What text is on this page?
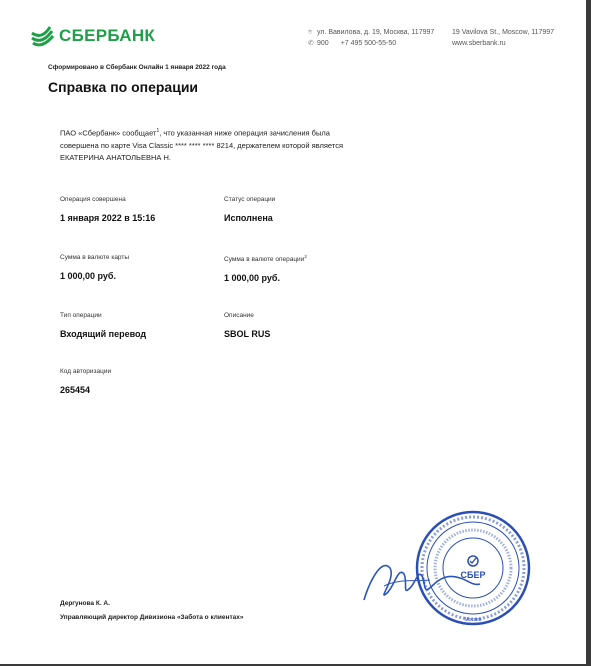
СБЕРБАНК	⌾ ул. Вавилова, д. 19, Москва, 117997
✆ 900 +7 495 500-55-50
19 Vavilova St., Moscow, 117997
www.sberbank.ru
Сформировано в Сбербанк Онлайн 1 января 2022 года
Справка по операции
ПАО «Сбербанк» сообщает$^1$, что указанная ниже операция зачисления была
совершена по карте Visa Classic **** **** **** 8214, держателем которой является
ЕКАТЕРИНА АНАТОЛЬЕВНА Н.
Операция совершена
1 января 2022 в 15:16
Статус операции
Исполнена
Сумма в валюте карты
1 000,00 руб.
Сумма в валюте операции$^2$
1 000,00 руб.
Тип операции
Входящий перевод
Описание
SBOL RUS
Код авторизации
265454
Дергунова К. А.
Управляющий директор Дивизиона «Забота о клиентах»
СБЕР
Москва
